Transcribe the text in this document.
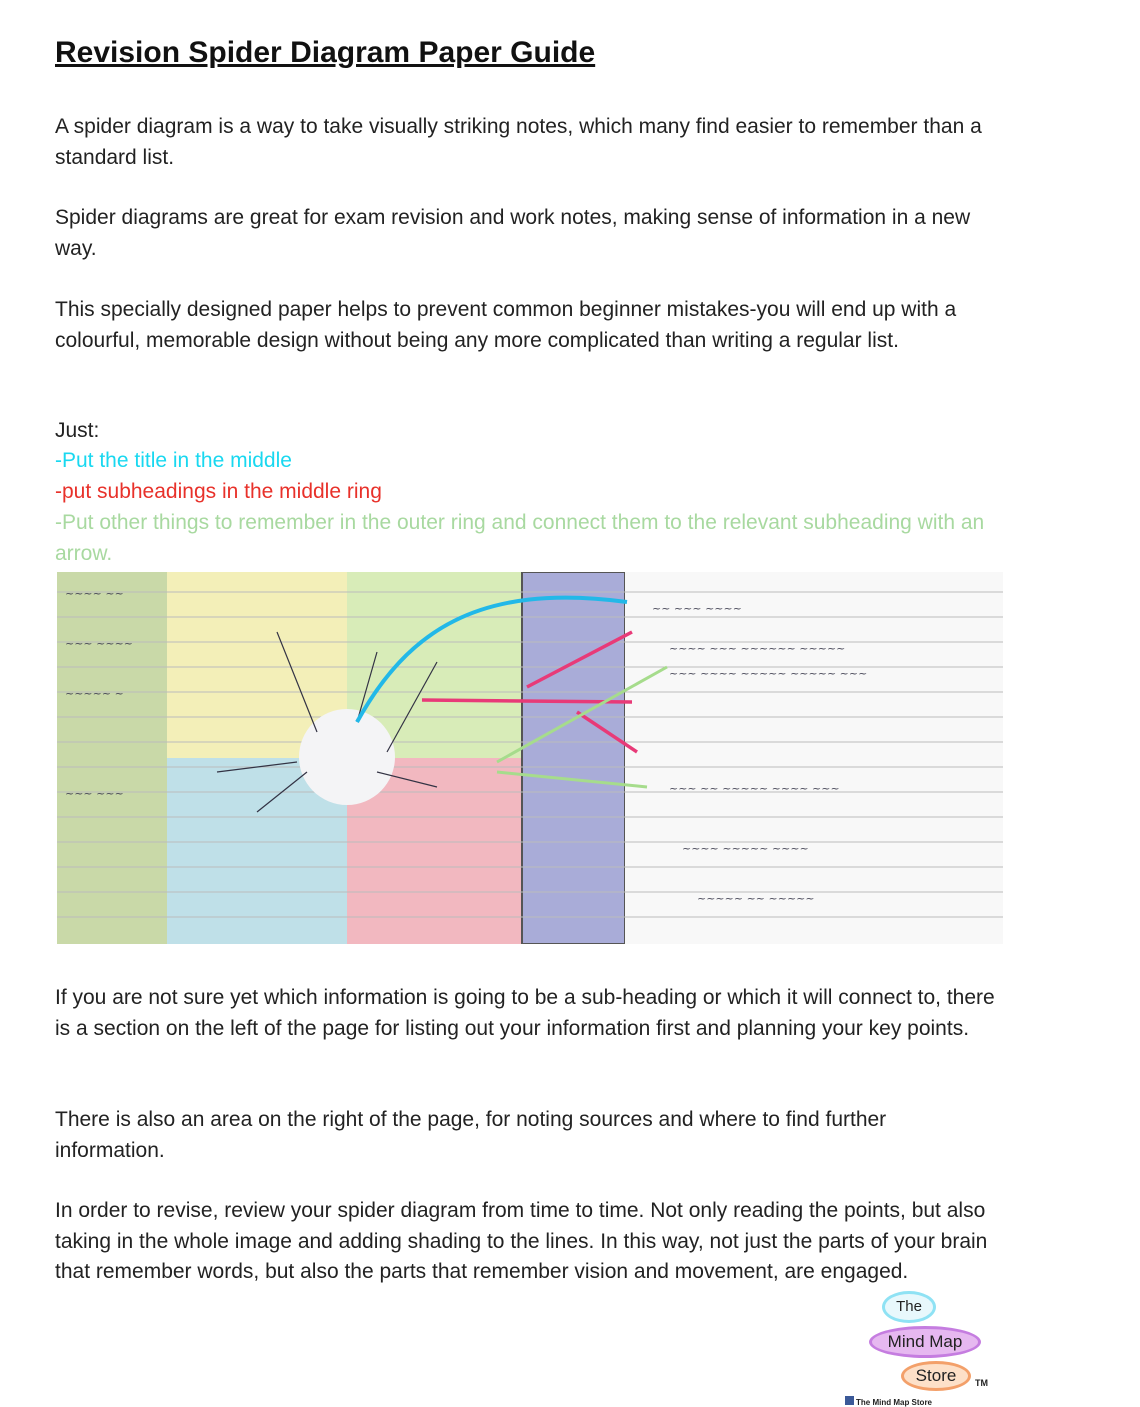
Revision Spider Diagram Paper Guide
A spider diagram is a way to take visually striking notes, which many find easier to remember than a standard list.
Spider diagrams are great for exam revision and work notes, making sense of information in a new way.
This specially designed paper helps to prevent common beginner mistakes-you will end up with a colourful, memorable design without being any more complicated than writing a regular list.
Just:
-Put the title in the middle
-put subheadings in the middle ring
-Put other things to remember in the outer ring and connect them to the relevant subheading with an arrow.
~~ ~~~ ~~~~
~~~~ ~~~ ~~~~~~ ~~~~~
~~~ ~~~~ ~~~~~ ~~~~~ ~~~
~~~ ~~ ~~~~~ ~~~~ ~~~
~~~~ ~~~~~ ~~~~
~~~~~ ~~ ~~~~~
~~~~ ~~
~~~ ~~~~
~~~~~ ~
~~~ ~~~
If you are not sure yet which information is going to be a sub-heading or which it will connect to, there is a section on the left of the page for listing out your information first and planning your key points.
There is also an area on the right of the page, for noting sources and where to find further information.
In order to revise, review your spider diagram from time to time. Not only reading the points, but also taking in the whole image and adding shading to the lines. In this way, not just the parts of your brain that remember words, but also the parts that remember vision and movement, are engaged.
The
Mind Map
Store	TM
The Mind Map Store
